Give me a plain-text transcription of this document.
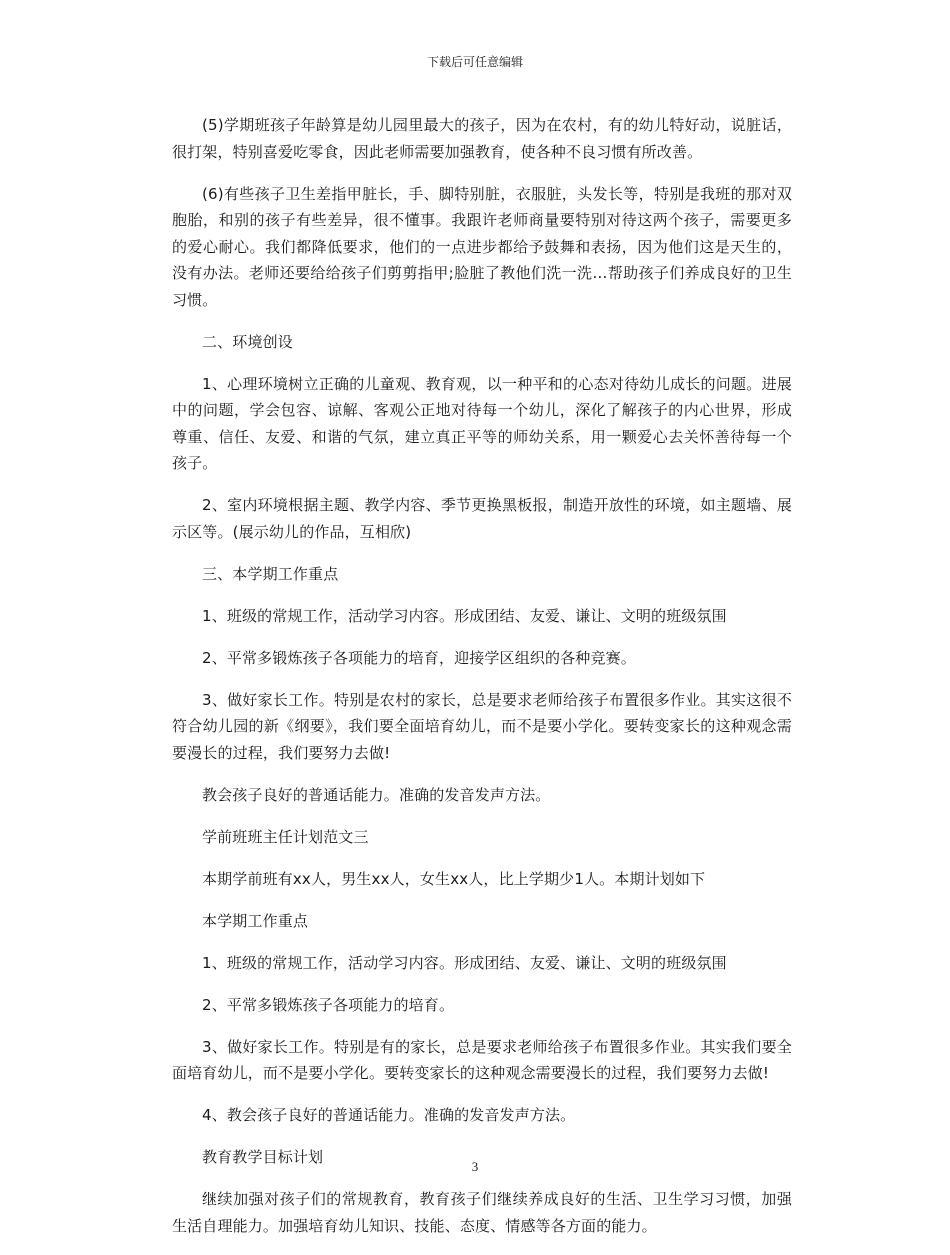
下载后可任意编辑

(5)学期班孩子年龄算是幼儿园里最大的孩子，因为在农村，有的幼儿特好动，说脏话，很打架，特别喜爱吃零食，因此老师需要加强教育，使各种不良习惯有所改善。

(6)有些孩子卫生差指甲脏长，手、脚特别脏，衣服脏，头发长等，特别是我班的那对双胞胎，和别的孩子有些差异，很不懂事。我跟许老师商量要特别对待这两个孩子，需要更多的爱心耐心。我们都降低要求，他们的一点进步都给予鼓舞和表扬，因为他们这是天生的，没有办法。老师还要给给孩子们剪剪指甲;脸脏了教他们洗一洗…帮助孩子们养成良好的卫生习惯。

二、环境创设

1、心理环境树立正确的儿童观、教育观，以一种平和的心态对待幼儿成长的问题。进展中的问题，学会包容、谅解、客观公正地对待每一个幼儿，深化了解孩子的内心世界，形成尊重、信任、友爱、和谐的气氛，建立真正平等的师幼关系，用一颗爱心去关怀善待每一个孩子。

2、室内环境根据主题、教学内容、季节更换黑板报，制造开放性的环境，如主题墙、展示区等。(展示幼儿的作品，互相欣)

三、本学期工作重点

1、班级的常规工作，活动学习内容。形成团结、友爱、谦让、文明的班级氛围

2、平常多锻炼孩子各项能力的培育，迎接学区组织的各种竞赛。

3、做好家长工作。特别是农村的家长，总是要求老师给孩子布置很多作业。其实这很不符合幼儿园的新《纲要》，我们要全面培育幼儿，而不是要小学化。要转变家长的这种观念需要漫长的过程，我们要努力去做!

教会孩子良好的普通话能力。准确的发音发声方法。

学前班班主任计划范文三

本期学前班有xx人，男生xx人，女生xx人，比上学期少1人。本期计划如下

本学期工作重点

1、班级的常规工作，活动学习内容。形成团结、友爱、谦让、文明的班级氛围

2、平常多锻炼孩子各项能力的培育。

3、做好家长工作。特别是有的家长，总是要求老师给孩子布置很多作业。其实我们要全面培育幼儿，而不是要小学化。要转变家长的这种观念需要漫长的过程，我们要努力去做!

4、教会孩子良好的普通话能力。准确的发音发声方法。

教育教学目标计划

继续加强对孩子们的常规教育，教育孩子们继续养成良好的生活、卫生学习习惯，加强生活自理能力。加强培育幼儿知识、技能、态度、情感等各方面的能力。

3
